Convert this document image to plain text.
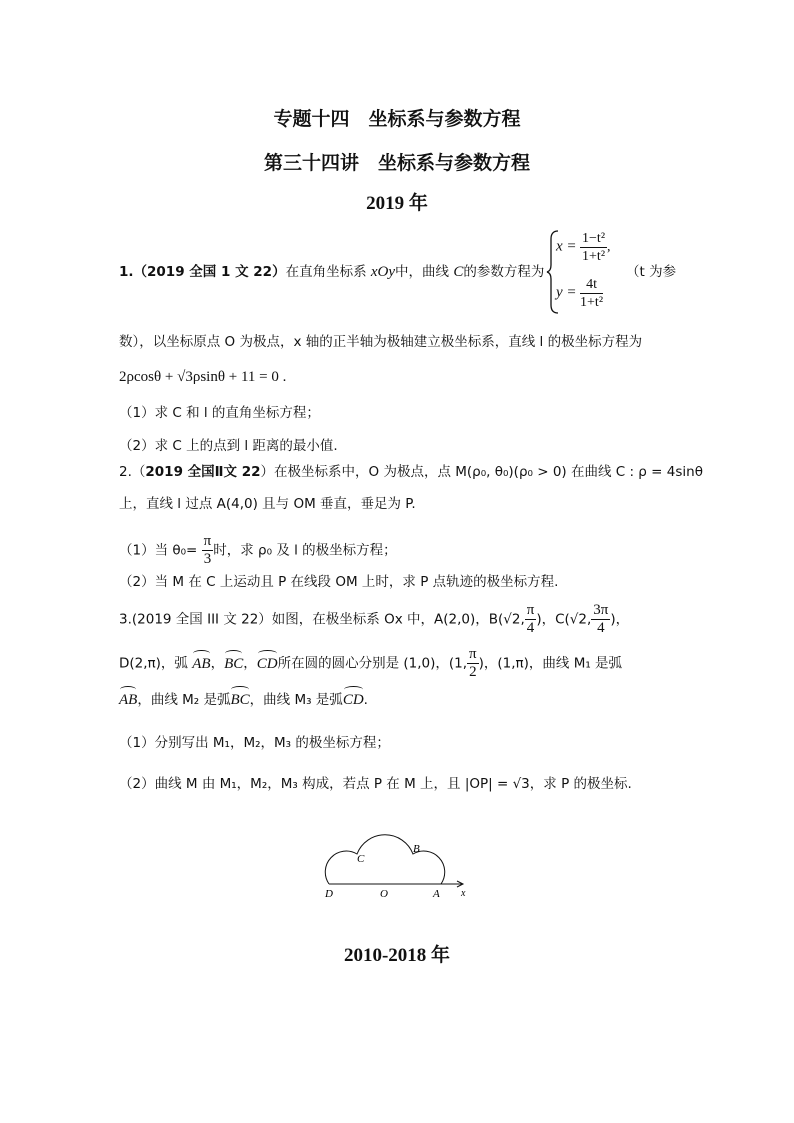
专题十四　坐标系与参数方程
第三十四讲　坐标系与参数方程
2019 年
1.（2019 全国 1 文 22）在直角坐标系 xOy中，曲线 C的参数方程为
$x = \frac{\text{1−t²}}{\text{1+t²}}$ ,
$y = \frac{4t}{\text{1+t²}}$
（t 为参
数），以坐标原点 O 为极点，x 轴的正半轴为极轴建立极坐标系，直线 l 的极坐标方程为
2ρcosθ + √3ρsinθ + 11 = 0 .
（1）求 C 和 l 的直角坐标方程；
（2）求 C 上的点到 l 距离的最小值.
2.（2019 全国Ⅱ文 22）在极坐标系中，O 为极点，点 M(ρ₀, θ₀)(ρ₀ > 0) 在曲线 C : ρ = 4sinθ
上，直线 l 过点 A(4,0) 且与 OM 垂直，垂足为 P.
（1）当 $\theta_0= \frac{\pi}{3}$ 时，求 ρ₀ 及 l 的极坐标方程；
（2）当 M 在 C 上运动且 P 在线段 OM 上时，求 P 点轨迹的极坐标方程.
3.(2019 全国 III 文 22）如图，在极坐标系 Ox 中，A(2,0)，B(√2, $\frac{\pi}{4}$ )，C(√2, $\frac{3\pi}{4}$ )，
D(2,π)，弧 AB，BC，CD所在圆的圆心分别是 (1,0)，(1, $\frac{\pi}{2}$ )，(1,π)，曲线 M₁ 是弧
AB，曲线 M₂ 是弧BC，曲线 M₃ 是弧CD.
（1）分别写出 M₁，M₂，M₃ 的极坐标方程；
（2）曲线 M 由 M₁，M₂，M₃ 构成，若点 P 在 M 上，且 |OP| = √3，求 P 的极坐标.
D	O	A
B
C
x
2010-2018 年
